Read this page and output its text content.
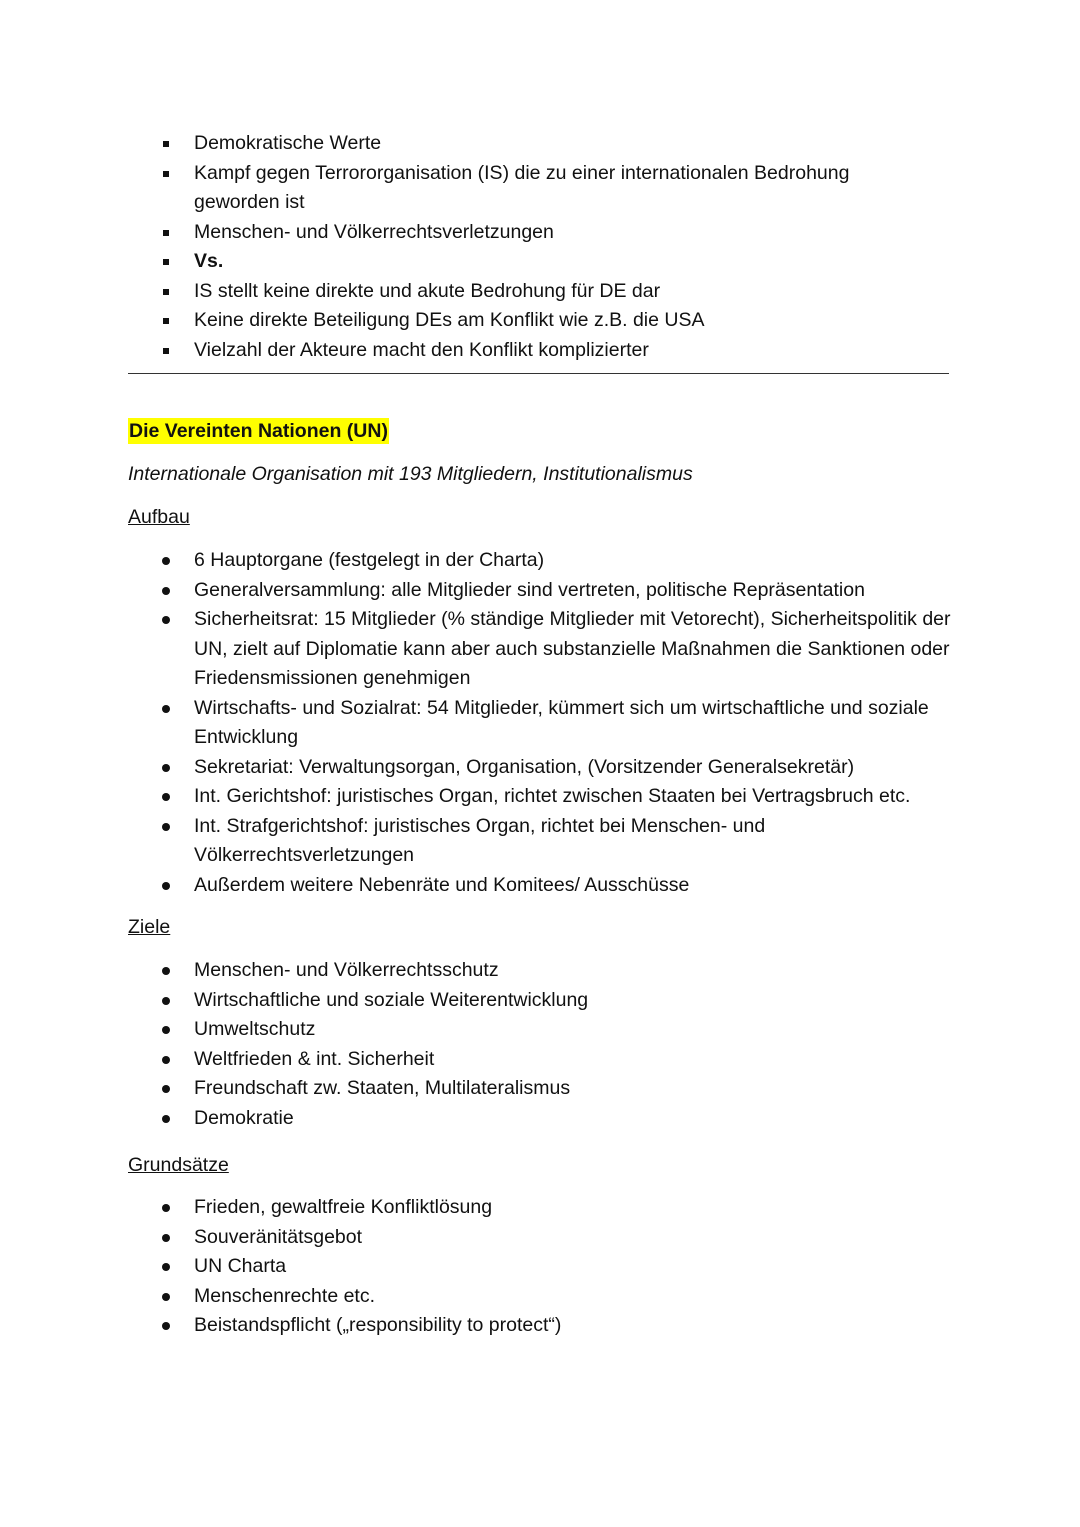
Demokratische Werte
Kampf gegen Terrororganisation (IS) die zu einer internationalen Bedrohung geworden ist
Menschen- und Völkerrechtsverletzungen
Vs.
IS stellt keine direkte und akute Bedrohung für DE dar
Keine direkte Beteiligung DEs am Konflikt wie z.B. die USA
Vielzahl der Akteure macht den Konflikt komplizierter
Die Vereinten Nationen (UN)
Internationale Organisation mit 193 Mitgliedern, Institutionalismus
Aufbau
6 Hauptorgane (festgelegt in der Charta)
Generalversammlung: alle Mitglieder sind vertreten, politische Repräsentation
Sicherheitsrat: 15 Mitglieder (% ständige Mitglieder mit Vetorecht), Sicherheitspolitik der UN, zielt auf Diplomatie kann aber auch substanzielle Maßnahmen die Sanktionen oder Friedensmissionen genehmigen
Wirtschafts- und Sozialrat: 54 Mitglieder, kümmert sich um wirtschaftliche und soziale Entwicklung
Sekretariat: Verwaltungsorgan, Organisation, (Vorsitzender Generalsekretär)
Int. Gerichtshof: juristisches Organ, richtet zwischen Staaten bei Vertragsbruch etc.
Int. Strafgerichtshof: juristisches Organ, richtet bei Menschen- und Völkerrechtsverletzungen
Außerdem weitere Nebenräte und Komitees/ Ausschüsse
Ziele
Menschen- und Völkerrechtsschutz
Wirtschaftliche und soziale Weiterentwicklung
Umweltschutz
Weltfrieden & int. Sicherheit
Freundschaft zw. Staaten, Multilateralismus
Demokratie
Grundsätze
Frieden, gewaltfreie Konfliktlösung
Souveränitätsgebot
UN Charta
Menschenrechte etc.
Beistandspflicht („responsibility to protect“)
